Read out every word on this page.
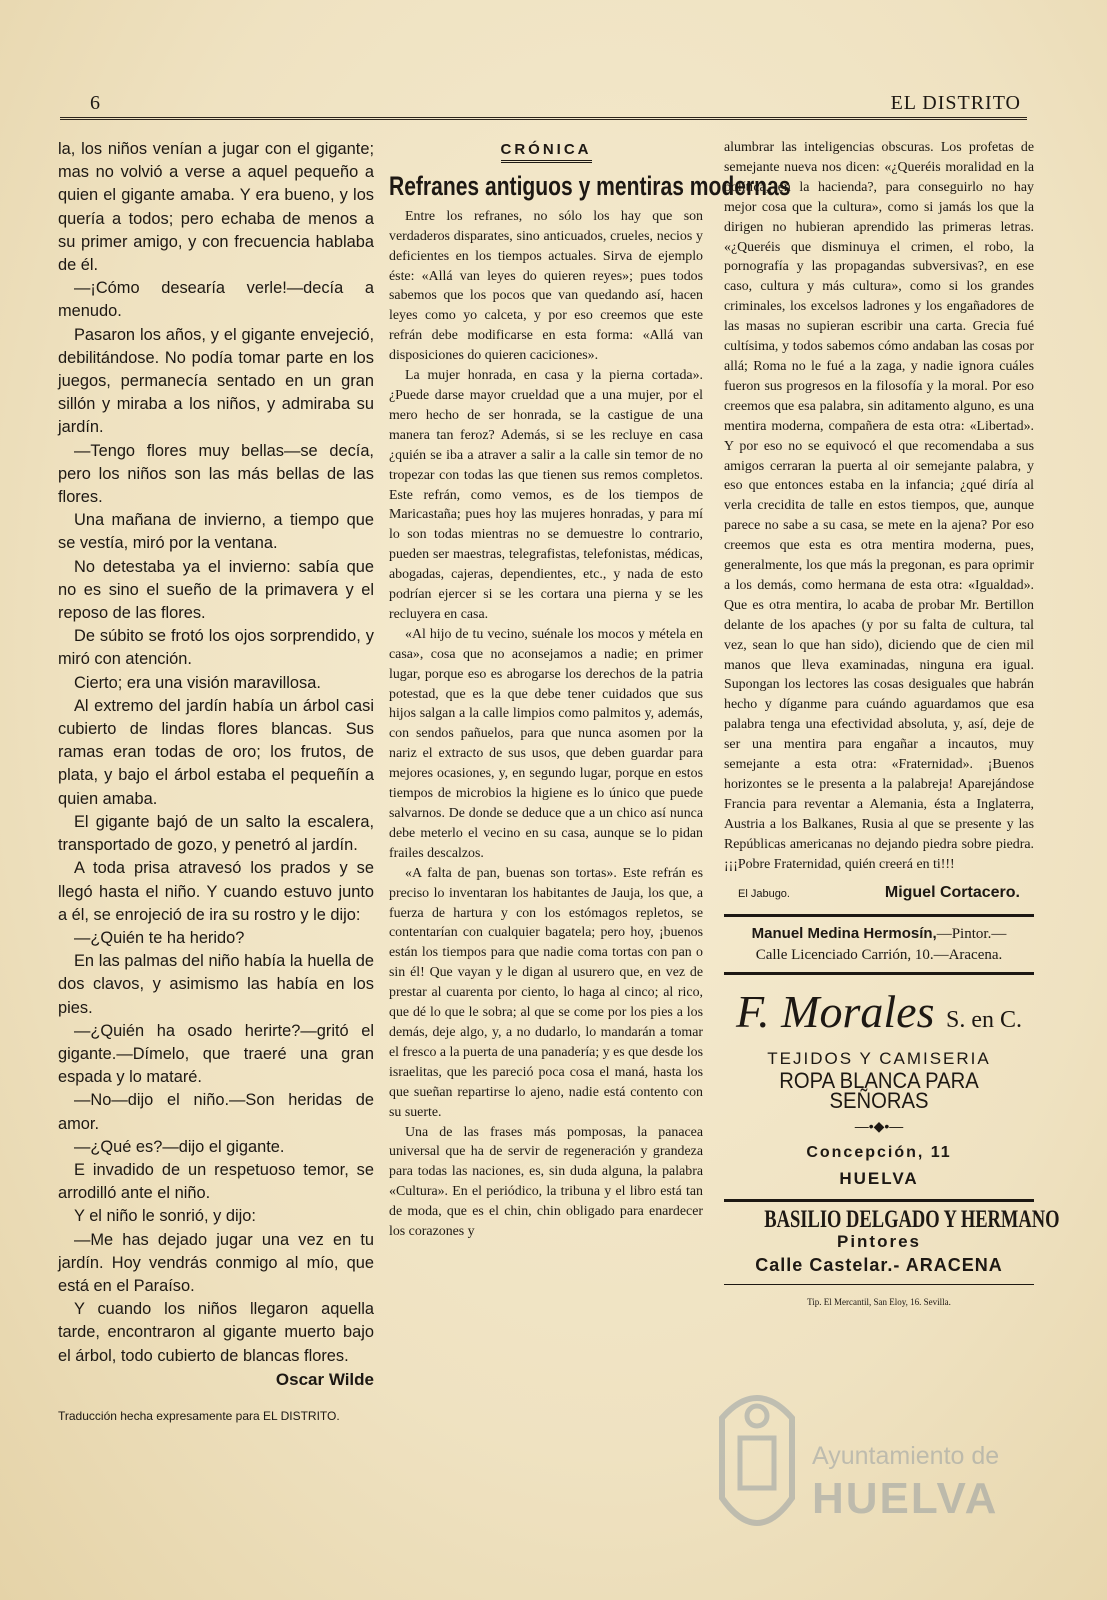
6	EL DISTRITO

la, los niños venían a jugar con el gigante; mas no volvió a verse a aquel pequeño a quien el gigante amaba. Y era bueno, y los quería a todos; pero echaba de menos a su primer amigo, y con frecuencia hablaba de él.

—¡Cómo desearía verle!—decía a menudo.

Pasaron los años, y el gigante envejeció, debilitándose. No podía tomar parte en los juegos, permanecía sentado en un gran sillón y miraba a los niños, y admiraba su jardín.

—Tengo flores muy bellas—se decía, pero los niños son las más bellas de las flores.

Una mañana de invierno, a tiempo que se vestía, miró por la ventana.

No detestaba ya el invierno: sabía que no es sino el sueño de la primavera y el reposo de las flores.

De súbito se frotó los ojos sorprendido, y miró con atención.

Cierto; era una visión maravillosa.

Al extremo del jardín había un árbol casi cubierto de lindas flores blancas. Sus ramas eran todas de oro; los frutos, de plata, y bajo el árbol estaba el pequeñín a quien amaba.

El gigante bajó de un salto la escalera, transportado de gozo, y penetró al jardín.

A toda prisa atravesó los prados y se llegó hasta el niño. Y cuando estuvo junto a él, se enrojeció de ira su rostro y le dijo:

—¿Quién te ha herido?

En las palmas del niño había la huella de dos clavos, y asimismo las había en los pies.

—¿Quién ha osado herirte?—gritó el gigante.—Dímelo, que traeré una gran espada y lo mataré.

—No—dijo el niño.—Son heridas de amor.

—¿Qué es?—dijo el gigante.

E invadido de un respetuoso temor, se arrodilló ante el niño.

Y el niño le sonrió, y dijo:

—Me has dejado jugar una vez en tu jardín. Hoy vendrás conmigo al mío, que está en el Paraíso.

Y cuando los niños llegaron aquella tarde, encontraron al gigante muerto bajo el árbol, todo cubierto de blancas flores.

Oscar Wilde
Traducción hecha expresamente para EL DISTRITO.
CRÓNICA
Refranes antiguos y mentiras modernas

Entre los refranes, no sólo los hay que son verdaderos disparates, sino anticuados, crueles, necios y deficientes en los tiempos actuales. Sirva de ejemplo éste: «Allá van leyes do quieren reyes»; pues todos sabemos que los pocos que van quedando así, hacen leyes como yo calceta, y por eso creemos que este refrán debe modificarse en esta forma: «Allá van disposiciones do quieren caciciones».

La mujer honrada, en casa y la pierna cortada». ¿Puede darse mayor crueldad que a una mujer, por el mero hecho de ser honrada, se la castigue de una manera tan feroz? Además, si se les recluye en casa ¿quién se iba a atraver a salir a la calle sin temor de no tropezar con todas las que tienen sus remos completos. Este refrán, como vemos, es de los tiempos de Maricastaña; pues hoy las mujeres honradas, y para mí lo son todas mientras no se demuestre lo contrario, pueden ser maestras, telegrafistas, telefonistas, médicas, abogadas, cajeras, dependientes, etc., y nada de esto podrían ejercer si se les cortara una pierna y se les recluyera en casa.

«Al hijo de tu vecino, suénale los mocos y métela en casa», cosa que no aconsejamos a nadie; en primer lugar, porque eso es abrogarse los derechos de la patria potestad, que es la que debe tener cuidados que sus hijos salgan a la calle limpios como palmitos y, además, con sendos pañuelos, para que nunca asomen por la nariz el extracto de sus usos, que deben guardar para mejores ocasiones, y, en segundo lugar, porque en estos tiempos de microbios la higiene es lo único que puede salvarnos. De donde se deduce que a un chico así nunca debe meterlo el vecino en su casa, aunque se lo pidan frailes descalzos.

«A falta de pan, buenas son tortas». Este refrán es preciso lo inventaran los habitantes de Jauja, los que, a fuerza de hartura y con los estómagos repletos, se contentarían con cualquier bagatela; pero hoy, ¡buenos están los tiempos para que nadie coma tortas con pan o sin él! Que vayan y le digan al usurero que, en vez de prestar al cuarenta por ciento, lo haga al cinco; al rico, que dé lo que le sobra; al que se come por los pies a los demás, deje algo, y, a no dudarlo, lo mandarán a tomar el fresco a la puerta de una panadería; y es que desde los israelitas, que les pareció poca cosa el maná, hasta los que sueñan repartirse lo ajeno, nadie está contento con su suerte.

Una de las frases más pomposas, la panacea universal que ha de servir de regeneración y grandeza para todas las naciones, es, sin duda alguna, la palabra «Cultura». En el periódico, la tribuna y el libro está tan de moda, que es el chin, chin obligado para enardecer los corazones y

alumbrar las inteligencias obscuras. Los profetas de semejante nueva nos dicen: «¿Queréis moralidad en la política, en la hacienda?, para conseguirlo no hay mejor cosa que la cultura», como si jamás los que la dirigen no hubieran aprendido las primeras letras. «¿Queréis que disminuya el crimen, el robo, la pornografía y las propagandas subversivas?, en ese caso, cultura y más cultura», como si los grandes criminales, los excelsos ladrones y los engañadores de las masas no supieran escribir una carta. Grecia fué cultísima, y todos sabemos cómo andaban las cosas por allá; Roma no le fué a la zaga, y nadie ignora cuáles fueron sus progresos en la filosofía y la moral. Por eso creemos que esa palabra, sin aditamento alguno, es una mentira moderna, compañera de esta otra: «Libertad». Y por eso no se equivocó el que recomendaba a sus amigos cerraran la puerta al oir semejante palabra, y eso que entonces estaba en la infancia; ¿qué diría al verla crecidita de talle en estos tiempos, que, aunque parece no sabe a su casa, se mete en la ajena? Por eso creemos que esta es otra mentira moderna, pues, generalmente, los que más la pregonan, es para oprimir a los demás, como hermana de esta otra: «Igualdad». Que es otra mentira, lo acaba de probar Mr. Bertillon delante de los apaches (y por su falta de cultura, tal vez, sean lo que han sido), diciendo que de cien mil manos que lleva examinadas, ninguna era igual. Supongan los lectores las cosas desiguales que habrán hecho y díganme para cuándo aguardamos que esa palabra tenga una efectividad absoluta, y, así, deje de ser una mentira para engañar a incautos, muy semejante a esta otra: «Fraternidad». ¡Buenos horizontes se le presenta a la palabreja! Aparejándose Francia para reventar a Alemania, ésta a Inglaterra, Austria a los Balkanes, Rusia al que se presente y las Repúblicas americanas no dejando piedra sobre piedra. ¡¡¡Pobre Fraternidad, quién creerá en ti!!!

El Jabugo.	Miguel Cortacero.
Manuel Medina Hermosín,—Pintor.—
Calle Licenciado Carrión, 10.—Aracena.
F. Morales S. en C.
TEJIDOS Y CAMISERIA
ROPA BLANCA PARA SEÑORAS
—•◆•—
Concepción, 11
HUELVA
BASILIO DELGADO Y HERMANO
Pintores
Calle Castelar.- ARACENA
Tip. El Mercantil, San Eloy, 16. Sevilla.
Ayuntamiento de
HUELVA
